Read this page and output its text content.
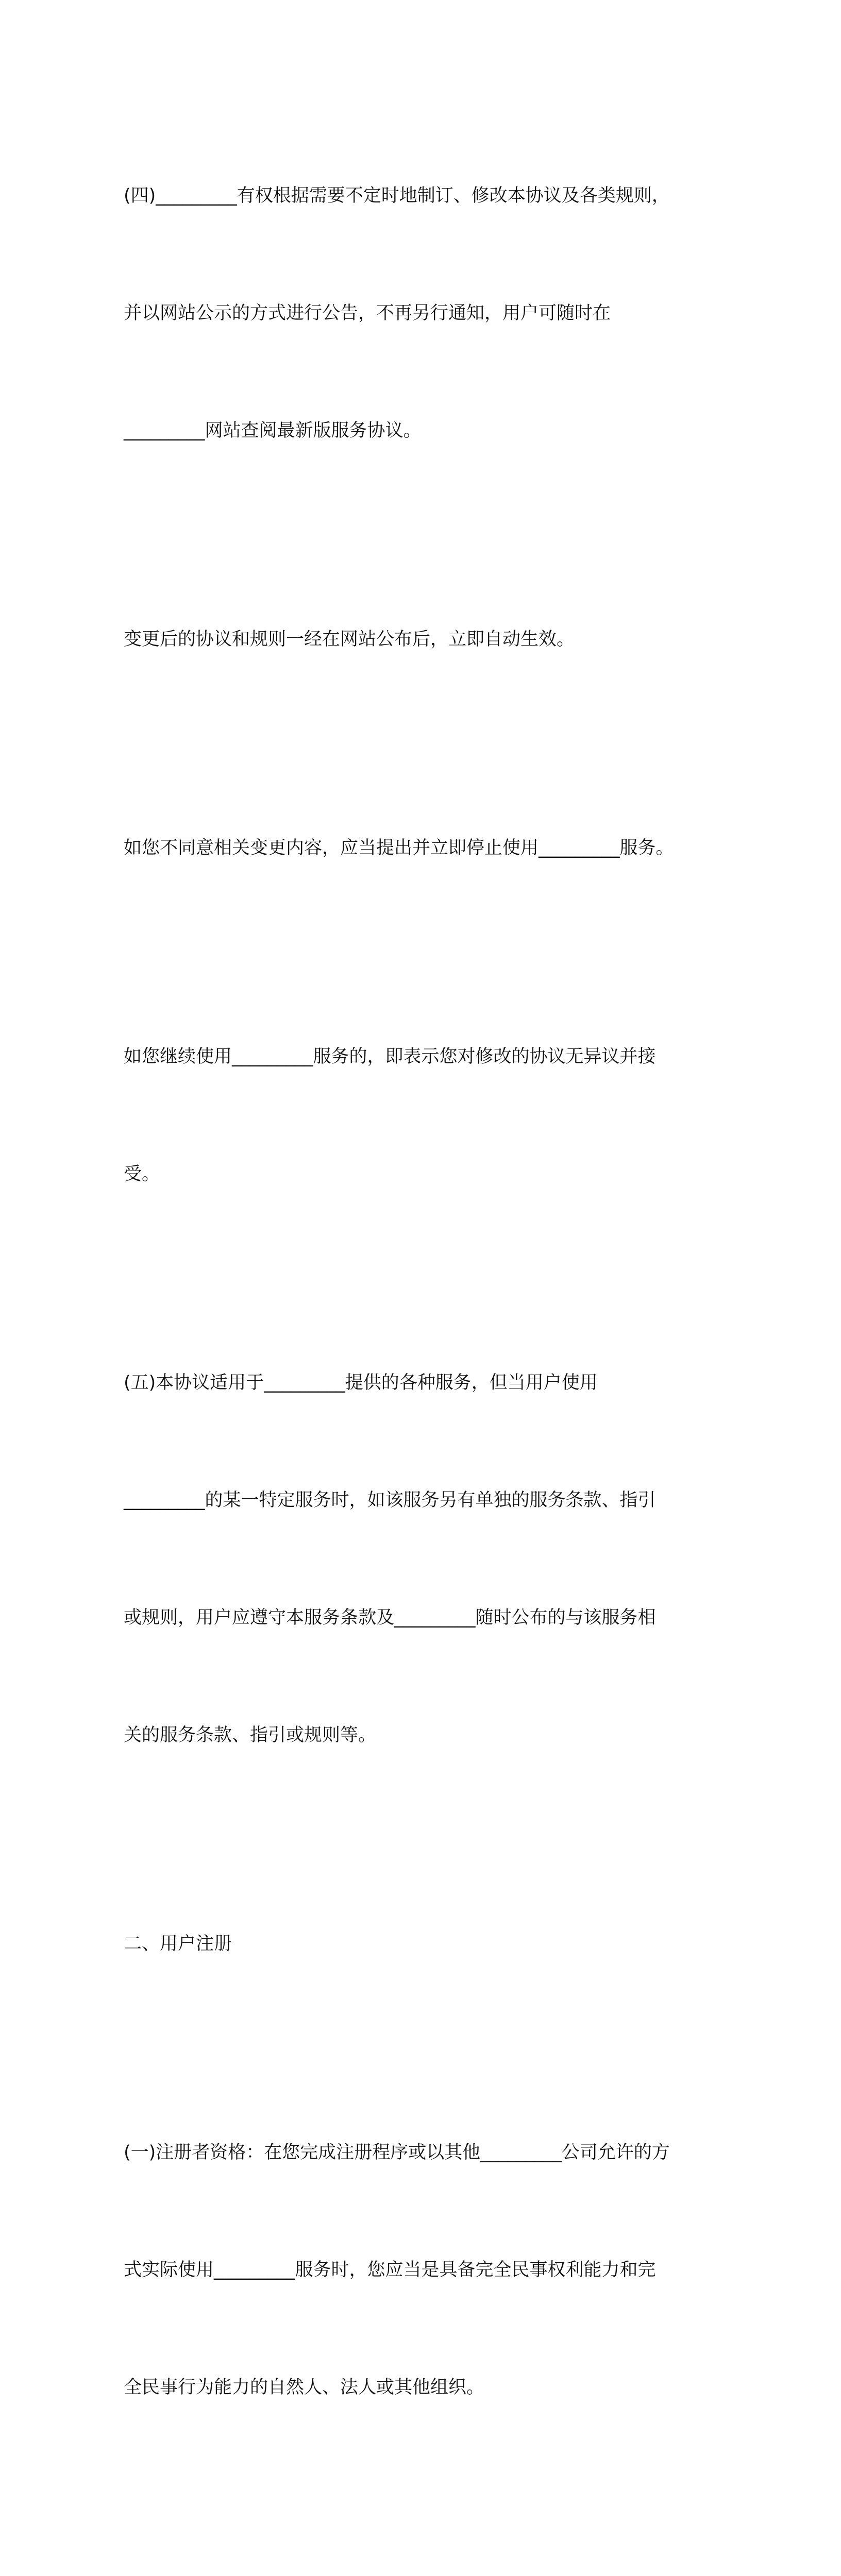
(四)_________有权根据需要不定时地制订、修改本协议及各类规则，

并以网站公示的方式进行公告，不再另行通知，用户可随时在

_________网站查阅最新版服务协议。

变更后的协议和规则一经在网站公布后，立即自动生效。

如您不同意相关变更内容，应当提出并立即停止使用_________服务。

如您继续使用_________服务的，即表示您对修改的协议无异议并接

受。

(五)本协议适用于_________提供的各种服务，但当用户使用

_________的某一特定服务时，如该服务另有单独的服务条款、指引

或规则，用户应遵守本服务条款及_________随时公布的与该服务相

关的服务条款、指引或规则等。

二、用户注册

(一)注册者资格：在您完成注册程序或以其他_________公司允许的方

式实际使用_________服务时，您应当是具备完全民事权利能力和完

全民事行为能力的自然人、法人或其他组织。
